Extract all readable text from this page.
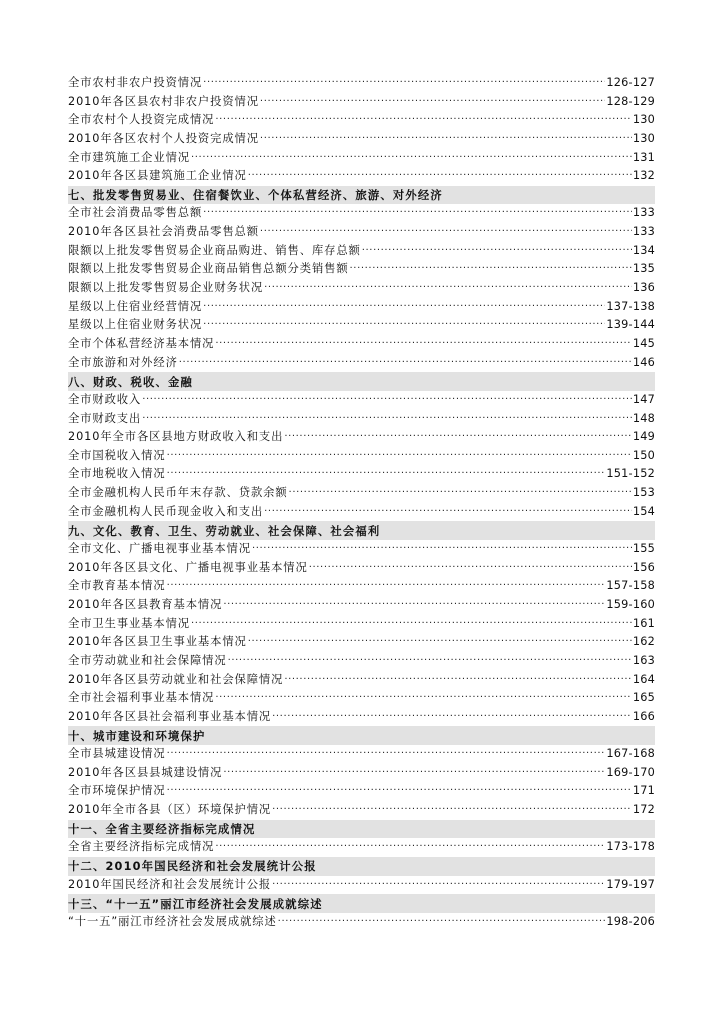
全市农村非农户投资情况 ·····	126-127
2010年各区县农村非农户投资情况 ·····	128-129
全市农村个人投资完成情况 ·····	130
2010年各区农村个人投资完成情况 ·····	130
全市建筑施工企业情况 ·····	131
2010年各区县建筑施工企业情况 ·····	132
七、批发零售贸易业、住宿餐饮业、个体私营经济、旅游、对外经济
全市社会消费品零售总额 ·····	133
2010年各区县社会消费品零售总额 ·····	133
限额以上批发零售贸易企业商品购进、销售、库存总额 ·····	134
限额以上批发零售贸易企业商品销售总额分类销售额 ·····	135
限额以上批发零售贸易企业财务状况 ·····	136
星级以上住宿业经营情况 ·····	137-138
星级以上住宿业财务状况 ·····	139-144
全市个体私营经济基本情况 ·····	145
全市旅游和对外经济 ·····	146
八、财政、税收、金融
全市财政收入 ·····	147
全市财政支出 ·····	148
2010年全市各区县地方财政收入和支出 ·····	149
全市国税收入情况 ·····	150
全市地税收入情况 ·····	151-152
全市金融机构人民币年末存款、贷款余额 ·····	153
全市金融机构人民币现金收入和支出 ·····	154
九、文化、教育、卫生、劳动就业、社会保障、社会福利
全市文化、广播电视事业基本情况 ·····	155
2010年各区县文化、广播电视事业基本情况 ·····	156
全市教育基本情况 ·····	157-158
2010年各区县教育基本情况 ·····	159-160
全市卫生事业基本情况 ·····	161
2010年各区县卫生事业基本情况 ·····	162
全市劳动就业和社会保障情况 ·····	163
2010年各区县劳动就业和社会保障情况 ·····	164
全市社会福利事业基本情况 ·····	165
2010年各区县社会福利事业基本情况 ·····	166
十、城市建设和环境保护
全市县城建设情况 ·····	167-168
2010年各区县县城建设情况 ·····	169-170
全市环境保护情况 ·····	171
2010年全市各县（区）环境保护情况 ·····	172
十一、全省主要经济指标完成情况
全省主要经济指标完成情况 ·····	173-178
十二、2010年国民经济和社会发展统计公报
2010年国民经济和社会发展统计公报 ·····	179-197
十三、“十一五”丽江市经济社会发展成就综述
“十一五”丽江市经济社会发展成就综述 ·····	198-206
